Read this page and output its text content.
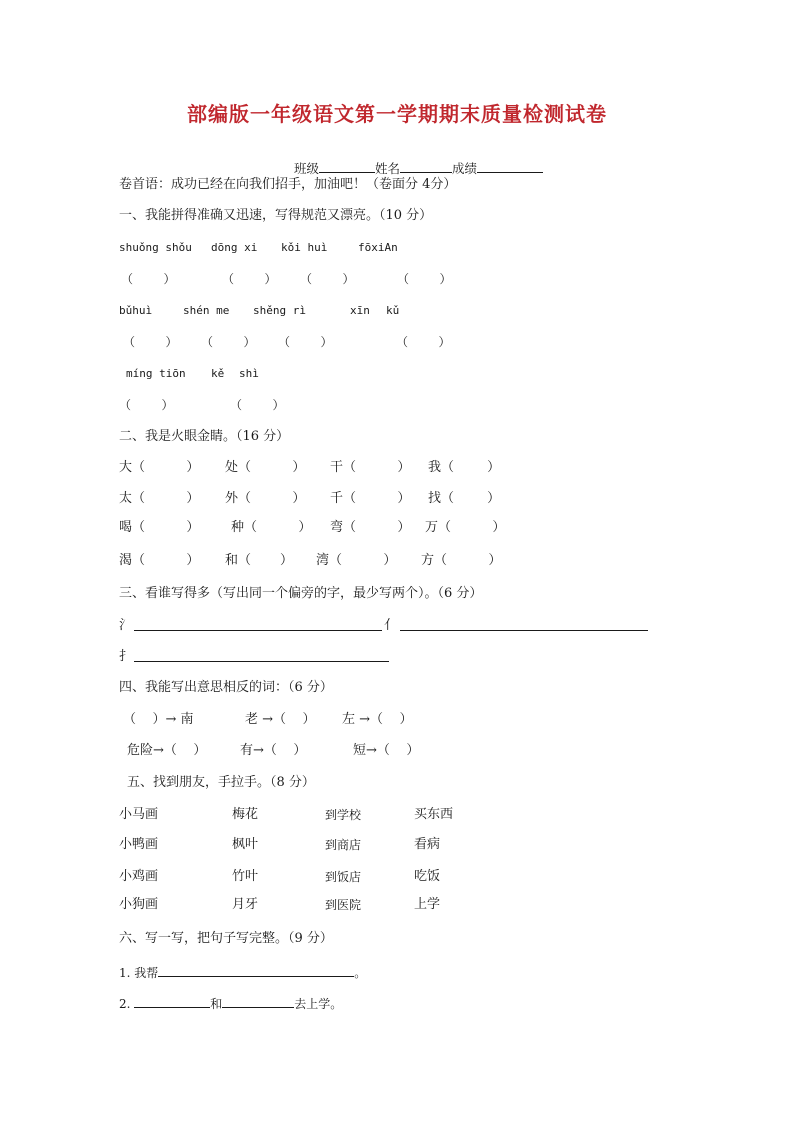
部编版一年级语文第一学期期末质量检测试卷

班级	姓名	成绩

卷首语：成功已经在向我们招手，加油吧！（卷面分 4分）
一、我能拼得准确又迅速，写得规范又漂亮。（10 分）
shuǒng shǒu dōng xi kǒi huì	fōxiAn
（        ）	（        ） （        ）	（        ）
bǔhuì	shén me shěng rì	xīn kǔ
（        ） （        ） （        ）	（        ）
míng tiōn kě shì
（        ）	（        ）
二、我是火眼金睛。（16 分）
大（          ） 处（          ） 干（          ） 我（        ）
太（          ） 外（          ） 千（          ） 找（        ）
喝（          ） 种（          ） 弯（          ） 万（          ）
渴（          ） 和（       ） 湾（          ） 方（          ）
三、看谁写得多（写出同一个偏旁的字，最少写两个）。（6 分）
氵	亻
扌
四、我能写出意思相反的词：（6 分）
（    ）→ 南	老 →（    ） 左 →（    ）
危险→（    ）	有→（    ）	短→（    ）
五、找到朋友，手拉手。（8 分）
小马画	梅花	到学校	买东西
小鸭画	枫叶	到商店	看病
小鸡画	竹叶	到饭店	吃饭
小狗画	月牙	到医院	上学
六、写一写，把句子写完整。（9 分）
1. 我帮	。
2.	和	去上学。
